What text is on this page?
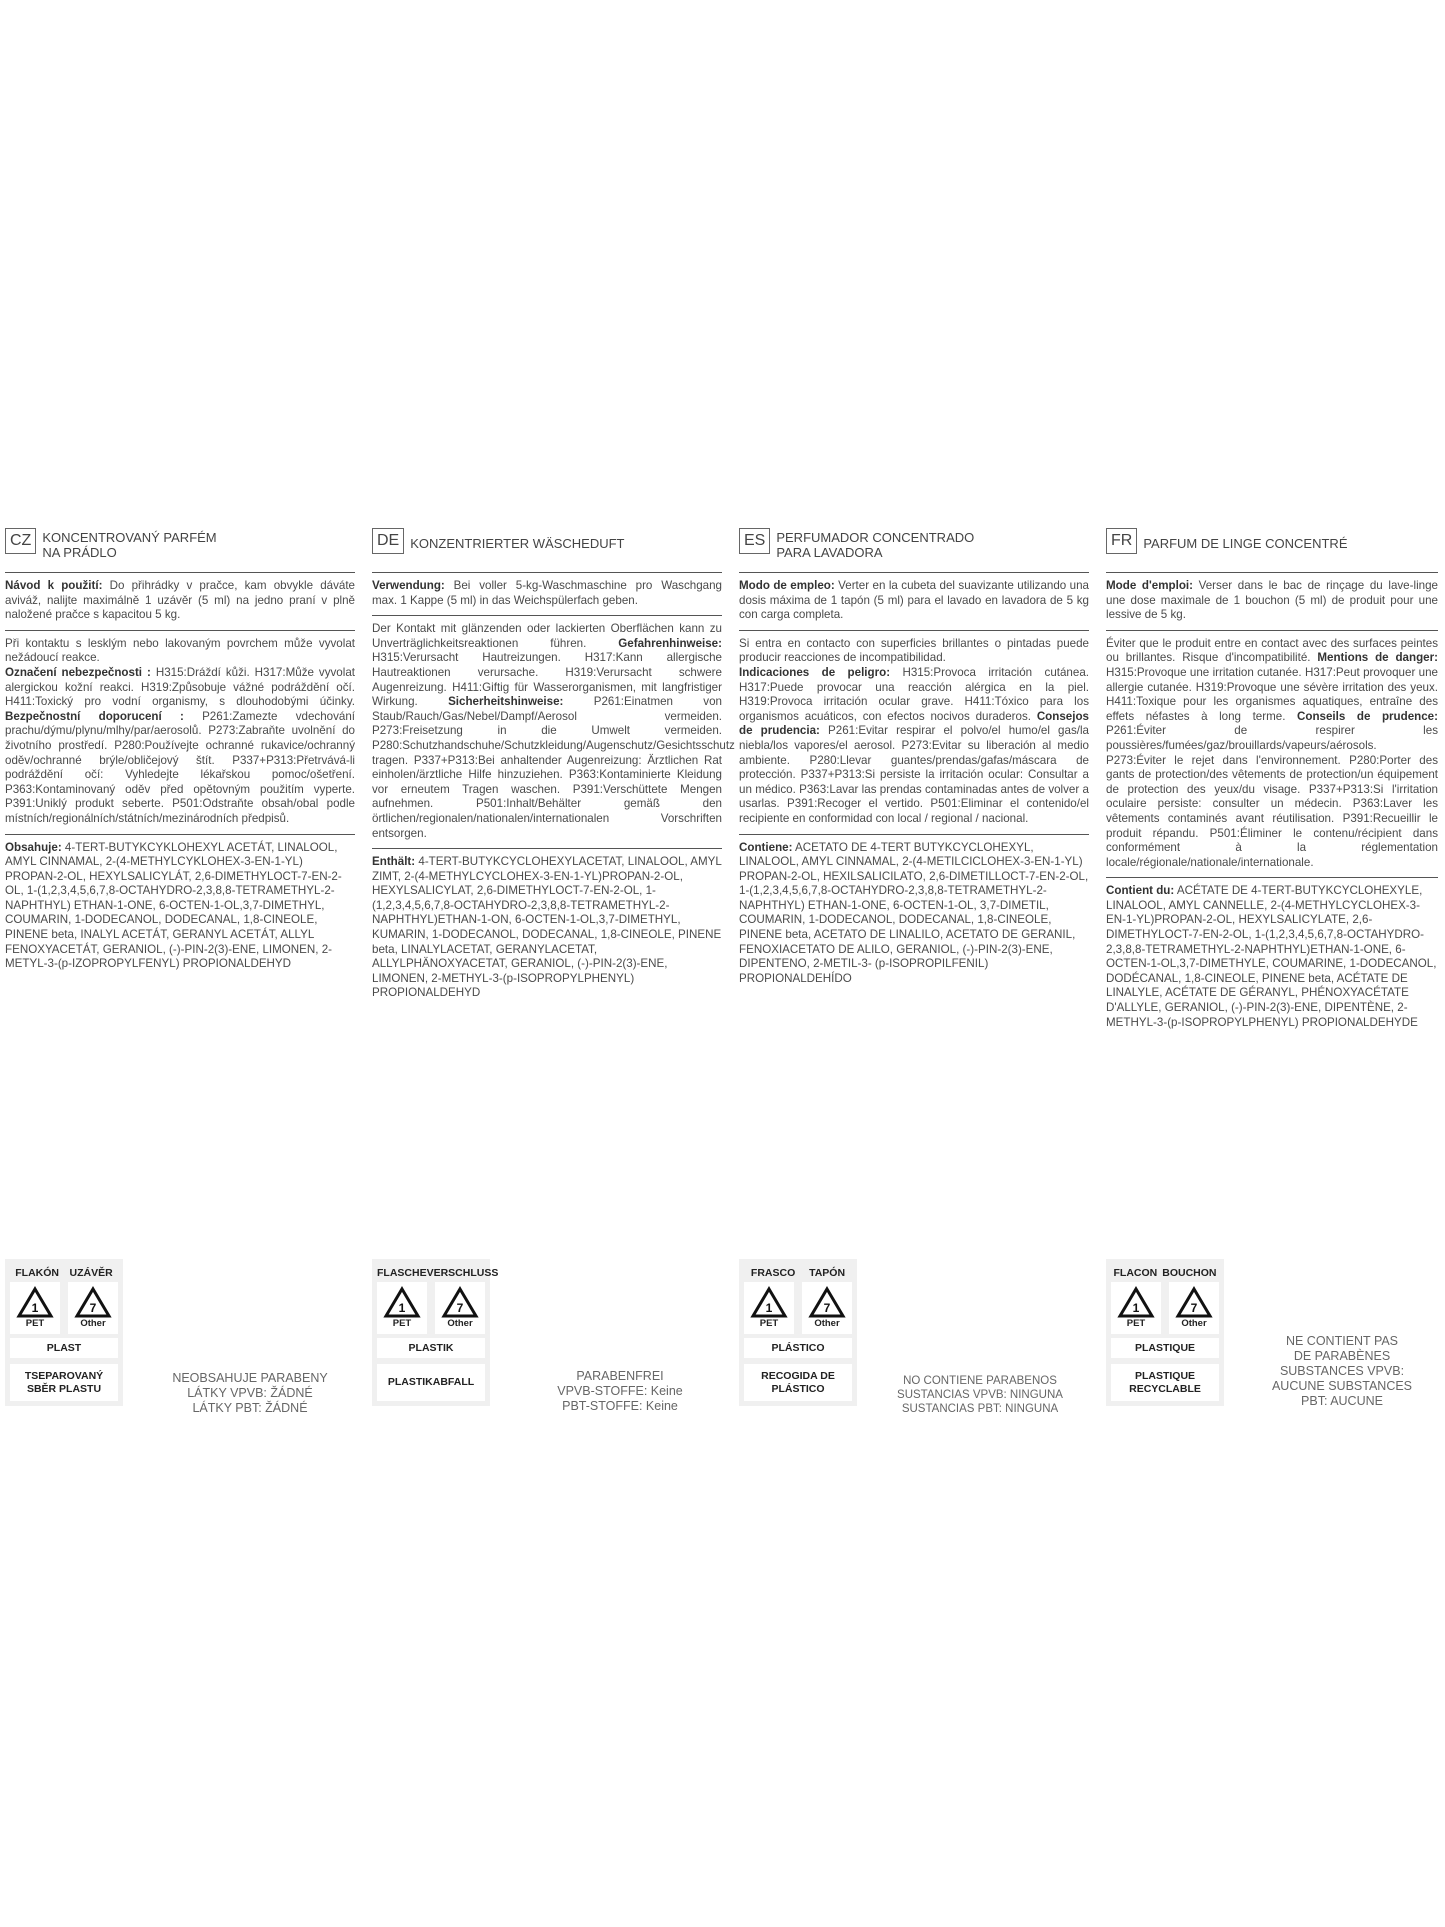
CZ KONCENTROVANÝ PARFÉM
NA PRÁDLO
Návod k použití: Do přihrádky v pračce, kam obvykle dáváte aviváž, nalijte maximálně 1 uzávěr (5 ml) na jedno praní v plně naložené pračce s kapacitou 5 kg.
Při kontaktu s lesklým nebo lakovaným povrchem může vyvolat nežádoucí reakce.
Označení nebezpečnosti : H315:Dráždí kůži. H317:Může vyvolat alergickou kožní reakci. H319:Způsobuje vážné podráždění očí. H411:Toxický pro vodní organismy, s dlouhodobými účinky. Bezpečnostní doporucení : P261:Zamezte vdechování prachu/dýmu/plynu/mlhy/par/aerosolů. P273:Zabraňte uvolnění do životního prostředí. P280:Používejte ochranné rukavice/ochranný oděv/ochranné brýle/obličejový štít. P337+P313:Přetrvává-li podráždění očí: Vyhledejte lékařskou pomoc/ošetření. P363:Kontaminovaný oděv před opětovným použitím vyperte. P391:Uniklý produkt seberte. P501:Odstraňte obsah/obal podle místních/regionálních/státních/mezinárodních předpisů.
Obsahuje: 4-TERT-BUTYKCYKLOHEXYL ACETÁT, LINALOOL, AMYL CINNAMAL, 2-(4-METHYLCYKLOHEX-3-EN-1-YL) PROPAN-2-OL, HEXYLSALICYLÁT, 2,6-DIMETHYLOCT-7-EN-2-OL, 1-(1,2,3,4,5,6,7,8-OCTAHYDRO-2,3,8,8-TETRAMETHYL-2-NAPHTHYL) ETHAN-1-ONE, 6-OCTEN-1-OL,3,7-DIMETHYL, COUMARIN, 1-DODECANOL, DODECANAL, 1,8-CINEOLE, PINENE beta, INALYL ACETÁT, GERANYL ACETÁT, ALLYL FENOXYACETÁT, GERANIOL, (-)-PIN-2(3)-ENE, LIMONEN, 2-METYL-3-(p-IZOPROPYLFENYL) PROPIONALDEHYD
DE KONZENTRIERTER WÄSCHEDUFT
Verwendung: Bei voller 5-kg-Waschmaschine pro Waschgang max. 1 Kappe (5 ml) in das Weichspülerfach geben.
Der Kontakt mit glänzenden oder lackierten Oberflächen kann zu Unverträglichkeitsreaktionen führen. Gefahrenhinweise: H315:Verursacht Hautreizungen. H317:Kann allergische Hautreaktionen verursache. H319:Verursacht schwere Augenreizung. H411:Giftig für Wasserorganismen, mit langfristiger Wirkung. Sicherheitshinweise: P261:Einatmen von Staub/Rauch/Gas/Nebel/Dampf/Aerosol vermeiden. P273:Freisetzung in die Umwelt vermeiden. P280:Schutzhandschuhe/Schutzkleidung/Augenschutz/Gesichtsschutz tragen. P337+P313:Bei anhaltender Augenreizung: Ärztlichen Rat einholen/ärztliche Hilfe hinzuziehen. P363:Kontaminierte Kleidung vor erneutem Tragen waschen. P391:Verschüttete Mengen aufnehmen. P501:Inhalt/Behälter gemäß den örtlichen/regionalen/nationalen/internationalen Vorschriften entsorgen.
Enthält: 4-TERT-BUTYKCYCLOHEXYLACETAT, LINALOOL, AMYL ZIMT, 2-(4-METHYLCYCLOHEX-3-EN-1-YL)PROPAN-2-OL, HEXYLSALICYLAT, 2,6-DIMETHYLOCT-7-EN-2-OL, 1-(1,2,3,4,5,6,7,8-OCTAHYDRO-2,3,8,8-TETRAMETHYL-2-NAPHTHYL)ETHAN-1-ON, 6-OCTEN-1-OL,3,7-DIMETHYL, KUMARIN, 1-DODECANOL, DODECANAL, 1,8-CINEOLE, PINENE beta, LINALYLACETAT, GERANYLACETAT, ALLYLPHÄNOXYACETAT, GERANIOL, (-)-PIN-2(3)-ENE, LIMONEN, 2-METHYL-3-(p-ISOPROPYLPHENYL) PROPIONALDEHYD
ES PERFUMADOR CONCENTRADO
PARA LAVADORA
Modo de empleo: Verter en la cubeta del suavizante utilizando una dosis máxima de 1 tapón (5 ml) para el lavado en lavadora de 5 kg con carga completa.
Si entra en contacto con superficies brillantes o pintadas puede producir reacciones de incompatibilidad.
Indicaciones de peligro: H315:Provoca irritación cutánea. H317:Puede provocar una reacción alérgica en la piel. H319:Provoca irritación ocular grave. H411:Tóxico para los organismos acuáticos, con efectos nocivos duraderos. Consejos de prudencia: P261:Evitar respirar el polvo/el humo/el gas/la niebla/los vapores/el aerosol. P273:Evitar su liberación al medio ambiente. P280:Llevar guantes/prendas/gafas/máscara de protección. P337+P313:Si persiste la irritación ocular: Consultar a un médico. P363:Lavar las prendas contaminadas antes de volver a usarlas. P391:Recoger el vertido. P501:Eliminar el contenido/el recipiente en conformidad con local / regional / nacional.
Contiene: ACETATO DE 4-TERT BUTYKCYCLOHEXYL, LINALOOL, AMYL CINNAMAL, 2-(4-METILCICLOHEX-3-EN-1-YL) PROPAN-2-OL, HEXILSALICILATO, 2,6-DIMETILLOCT-7-EN-2-OL, 1-(1,2,3,4,5,6,7,8-OCTAHYDRO-2,3,8,8-TETRAMETHYL-2-NAPHTHYL) ETHAN-1-ONE, 6-OCTEN-1-OL, 3,7-DIMETIL, COUMARIN, 1-DODECANOL, DODECANAL, 1,8-CINEOLE, PINENE beta, ACETATO DE LINALILO, ACETATO DE GERANIL, FENOXIACETATO DE ALILO, GERANIOL, (-)-PIN-2(3)-ENE, DIPENTENO, 2-METIL-3- (p-ISOPROPILFENIL) PROPIONALDEHÍDO
FR PARFUM DE LINGE CONCENTRÉ
Mode d'emploi: Verser dans le bac de rinçage du lave-linge une dose maximale de 1 bouchon (5 ml) de produit pour une lessive de 5 kg.
Éviter que le produit entre en contact avec des surfaces peintes ou brillantes. Risque d'incompatibilité. Mentions de danger: H315:Provoque une irritation cutanée. H317:Peut provoquer une allergie cutanée. H319:Provoque une sévère irritation des yeux. H411:Toxique pour les organismes aquatiques, entraîne des effets néfastes à long terme. Conseils de prudence: P261:Éviter de respirer les poussières/fumées/gaz/brouillards/vapeurs/aérosols. P273:Éviter le rejet dans l'environnement. P280:Porter des gants de protection/des vêtements de protection/un équipement de protection des yeux/du visage. P337+P313:Si l'irritation oculaire persiste: consulter un médecin. P363:Laver les vêtements contaminés avant réutilisation. P391:Recueillir le produit répandu. P501:Éliminer le contenu/récipient dans conformément à la réglementation locale/régionale/nationale/internationale.
Contient du: ACÉTATE DE 4-TERT-BUTYKCYCLOHEXYLE, LINALOOL, AMYL CANNELLE, 2-(4-METHYLCYCLOHEX-3-EN-1-YL)PROPAN-2-OL, HEXYLSALICYLATE, 2,6-DIMETHYLOCT-7-EN-2-OL, 1-(1,2,3,4,5,6,7,8-OCTAHYDRO-2,3,8,8-TETRAMETHYL-2-NAPHTHYL)ETHAN-1-ONE, 6-OCTEN-1-OL,3,7-DIMETHYLE, COUMARINE, 1-DODECANOL, DODÉCANAL, 1,8-CINEOLE, PINENE beta, ACÉTATE DE LINALYLE, ACÉTATE DE GÉRANYL, PHÉNOXYACÉTATE D'ALLYLE, GERANIOL, (-)-PIN-2(3)-ENE, DIPENTÈNE, 2-METHYL-3-(p-ISOPROPYLPHENYL) PROPIONALDEHYDE
FLAKÓN UZÁVĚR
1
PET
7
Other
PLAST
TSEPAROVANÝ
SBĚR PLASTU
NEOBSAHUJE PARABENY
LÁTKY VPVB: ŽÁDNÉ
LÁTKY PBT: ŽÁDNÉ
FLASCHE VERSCHLUSS
1
PET
7
Other
PLASTIK
PLASTIKABFALL	PARABENFREI
VPVB-STOFFE: Keine
PBT-STOFFE: Keine
FRASCO TAPÓN
1
PET
7
Other
PLÁSTICO
RECOGIDA DE
PLÁSTICO
NO CONTIENE PARABENOS
SUSTANCIAS VPVB: NINGUNA
SUSTANCIAS PBT: NINGUNA
FLACON BOUCHON
1
PET
7
Other
PLASTIQUE
PLASTIQUE
RECYCLABLE
NE CONTIENT PAS
DE PARABÈNES
SUBSTANCES VPVB:
AUCUNE SUBSTANCES
PBT: AUCUNE
